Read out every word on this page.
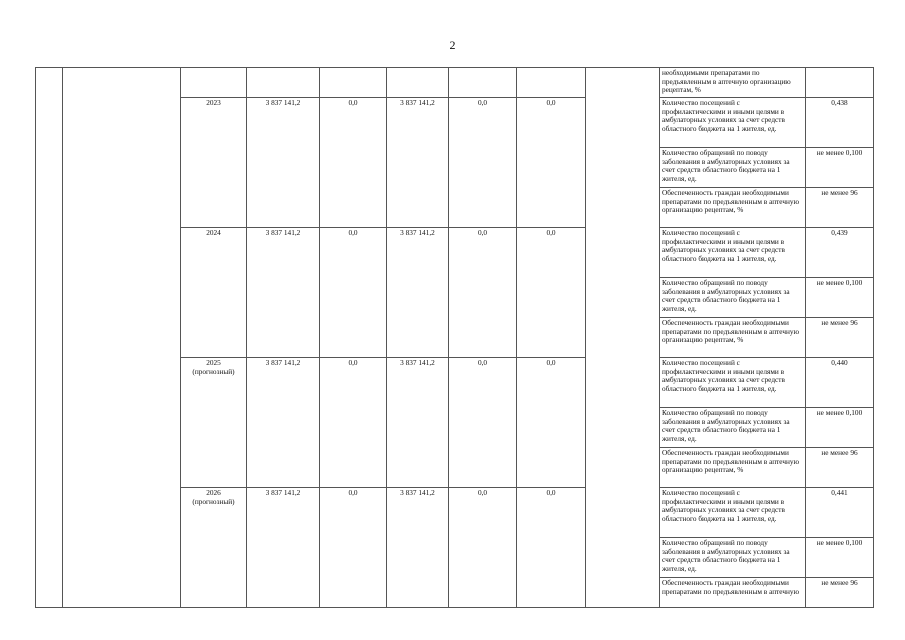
2
									необходимыми препаратами по предъявленным в аптечную организацию рецептам, %	
		2023	3 837 141,2	0,0	3 837 141,2	0,0	0,0		Количество посещений с профилактическими и иными целями в амбулаторных условиях за счет средств областного бюджета на 1 жителя, ед.	0,438
									Количество обращений по поводу заболевания в амбулаторных условиях за счет средств областного бюджета на 1 жителя, ед.	не менее 0,100
									Обеспеченность граждан необходимыми препаратами по предъявленным в аптечную организацию рецептам, %	не менее 96
		2024	3 837 141,2	0,0	3 837 141,2	0,0	0,0		Количество посещений с профилактическими и иными целями в амбулаторных условиях за счет средств областного бюджета на 1 жителя, ед.	0,439
									Количество обращений по поводу заболевания в амбулаторных условиях за счет средств областного бюджета на 1 жителя, ед.	не менее 0,100
									Обеспеченность граждан необходимыми препаратами по предъявленным в аптечную организацию рецептам, %	не менее 96
		2025
(прогнозный)	3 837 141,2	0,0	3 837 141,2	0,0	0,0		Количество посещений с профилактическими и иными целями в амбулаторных условиях за счет средств областного бюджета на 1 жителя, ед.	0,440
									Количество обращений по поводу заболевания в амбулаторных условиях за счет средств областного бюджета на 1 жителя, ед.	не менее 0,100
									Обеспеченность граждан необходимыми препаратами по предъявленным в аптечную организацию рецептам, %	не менее 96
		2026
(прогнозный)	3 837 141,2	0,0	3 837 141,2	0,0	0,0		Количество посещений с профилактическими и иными целями в амбулаторных условиях за счет средств областного бюджета на 1 жителя, ед.	0,441
									Количество обращений по поводу заболевания в амбулаторных условиях за счет средств областного бюджета на 1 жителя, ед.	не менее 0,100
									Обеспеченность граждан необходимыми препаратами по предъявленным в аптечную	не менее 96
